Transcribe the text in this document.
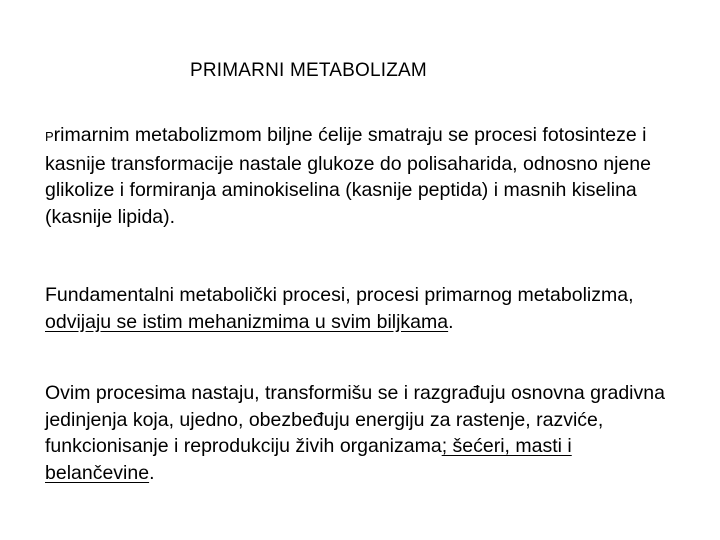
PRIMARNI METABOLIZAM

Primarnim metabolizmom biljne ćelije smatraju se procesi fotosinteze i kasnije transformacije nastale glukoze do polisaharida, odnosno njene glikolize i formiranja aminokiselina (kasnije peptida) i masnih kiselina (kasnije lipida).

Fundamentalni metabolički procesi, procesi primarnog metabolizma, odvijaju se istim mehanizmima u svim biljkama.

Ovim procesima nastaju, transformišu se i razgrađuju osnovna gradivna jedinjenja koja, ujedno, obezbeđuju energiju za rastenje, razviće, funkcionisanje i reprodukciju živih organizama; šećeri, masti i belančevine.
